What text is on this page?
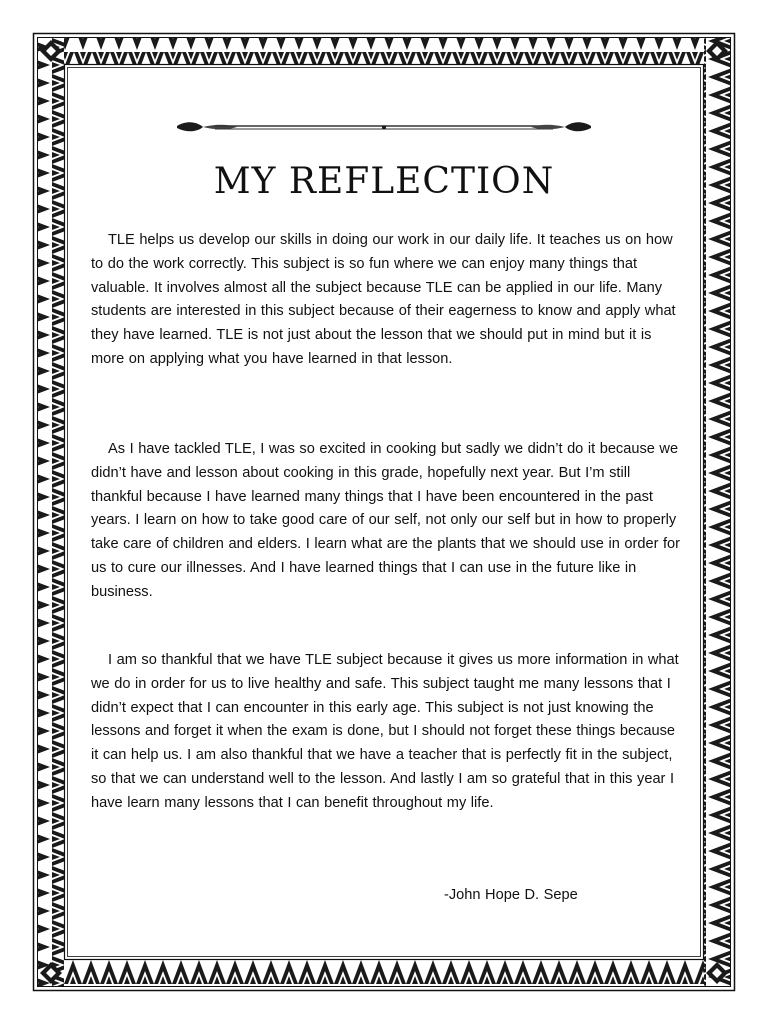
MY REFLECTION

TLE helps us develop our skills in doing our work in our daily life. It teaches us on how to do the work correctly. This subject is so fun where we can enjoy many things that valuable. It involves almost all the subject because TLE can be applied in our life. Many students are interested in this subject because of their eagerness to know and apply what they have learned. TLE is not just about the lesson that we should put in mind but it is more on applying what you have learned in that lesson.

As I have tackled TLE, I was so excited in cooking but sadly we didn’t do it because we didn’t have and lesson about cooking in this grade, hopefully next year. But I’m still thankful because I have learned many things that I have been encountered in the past years. I learn on how to take good care of our self, not only our self but in how to properly take care of children and elders. I learn what are the plants that we should use in order for us to cure our illnesses. And I have learned things that I can use in the future like in business.

I am so thankful that we have TLE subject because it gives us more information in what we do in order for us to live healthy and safe. This subject taught me many lessons that I didn’t expect that I can encounter in this early age. This subject is not just knowing the lessons and forget it when the exam is done, but I should not forget these things because it can help us. I am also thankful that we have a teacher that is perfectly fit in the subject, so that we can understand well to the lesson. And lastly I am so grateful that in this year I have learn many lessons that I can benefit throughout my life.

-John Hope D. Sepe
